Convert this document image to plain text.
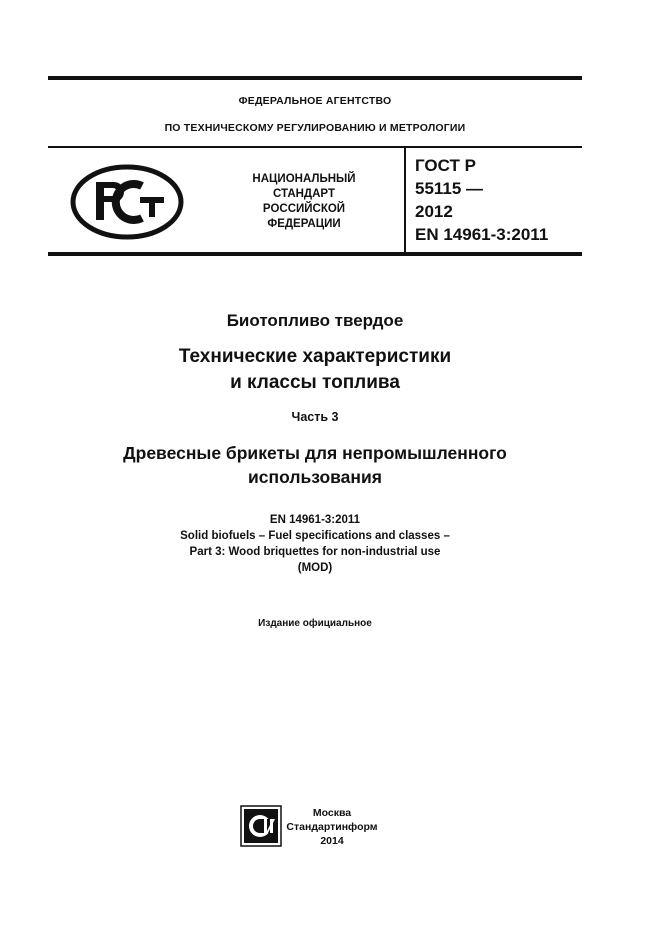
ФЕДЕРАЛЬНОЕ АГЕНТСТВО
ПО ТЕХНИЧЕСКОМУ РЕГУЛИРОВАНИЮ И МЕТРОЛОГИИ
НАЦИОНАЛЬНЫЙ
СТАНДАРТ
РОССИЙСКОЙ
ФЕДЕРАЦИИ
ГОСТ Р
55115 —
2012
EN 14961-3:2011
Биотопливо твердое
Технические характеристики
и классы топлива
Часть 3
Древесные брикеты для непромышленного
использования
EN 14961-3:2011
Solid biofuels – Fuel specifications and classes –
Part 3: Wood briquettes for non-industrial use
(MOD)
Издание официальное
Москва
Стандартинформ
2014
